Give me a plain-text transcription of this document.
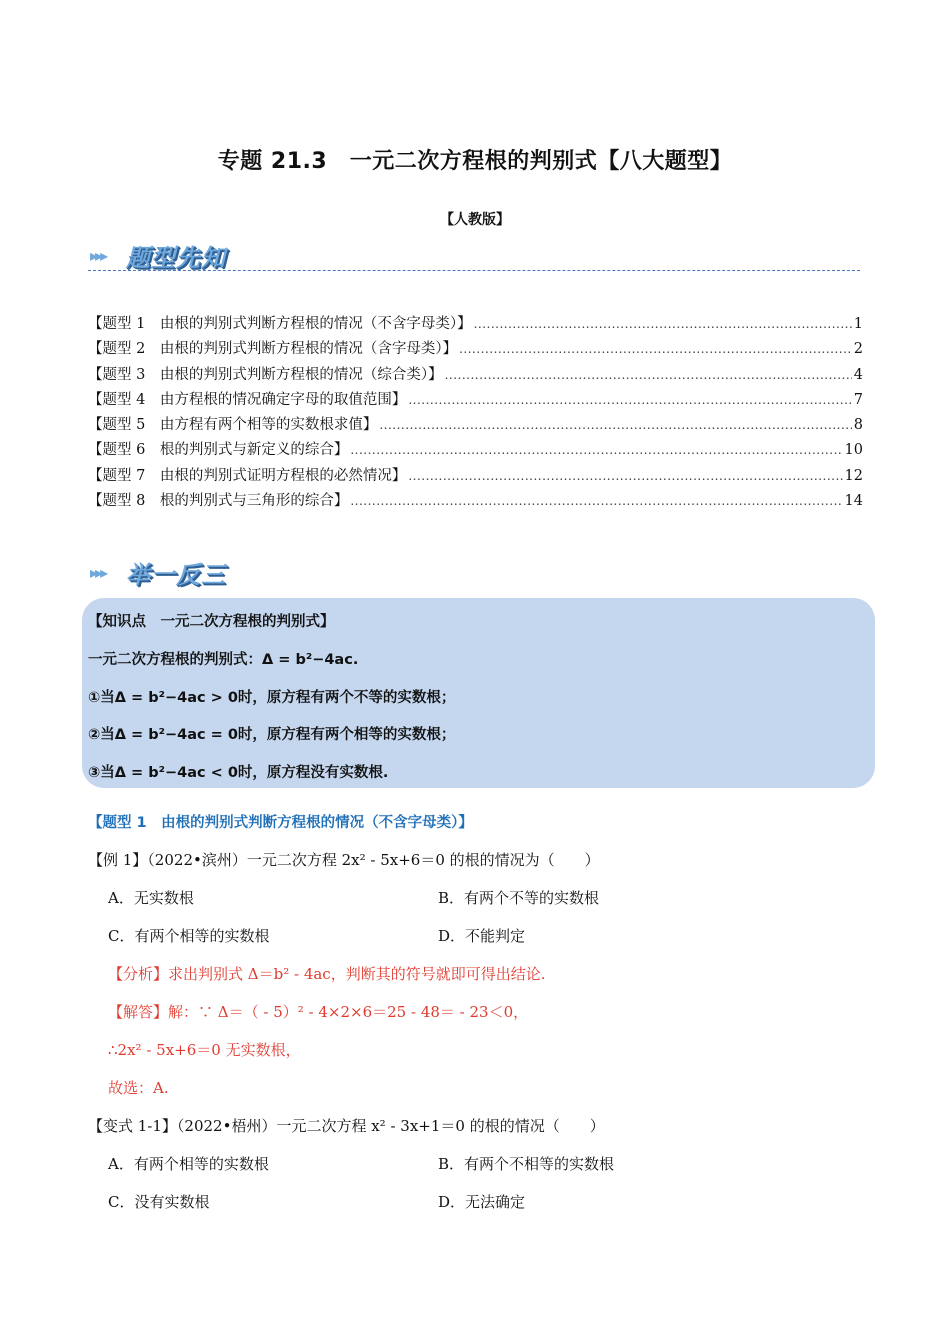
专题 21.3　一元二次方程根的判别式【八大题型】
【人教版】
▸▸▸ 题型先知
【题型 1　由根的判别式判断方程根的情况（不含字母类）】 .....	1
【题型 2　由根的判别式判断方程根的情况（含字母类）】 .....	2
【题型 3　由根的判别式判断方程根的情况（综合类）】 .....	4
【题型 4　由方程根的情况确定字母的取值范围】 .....	7
【题型 5　由方程有两个相等的实数根求值】 .....	8
【题型 6　根的判别式与新定义的综合】 .....	10
【题型 7　由根的判别式证明方程根的必然情况】 .....	12
【题型 8　根的判别式与三角形的综合】 .....	14
▸▸▸ 举一反三
【知识点　一元二次方程根的判别式】
一元二次方程根的判别式：Δ = b²−4ac.
①当Δ = b²−4ac > 0时，原方程有两个不等的实数根；
②当Δ = b²−4ac = 0时，原方程有两个相等的实数根；
③当Δ = b²−4ac < 0时，原方程没有实数根.
【题型 1　由根的判别式判断方程根的情况（不含字母类）】
【例 1】（2022•滨州）一元二次方程 2x² - 5x+6＝0 的根的情况为（　　）
A．无实数根	B．有两个不等的实数根
C．有两个相等的实数根	D．不能判定
【分析】求出判别式 Δ＝b² - 4ac，判断其的符号就即可得出结论.
【解答】解：∵ Δ＝（ - 5）² - 4×2×6＝25 - 48＝ - 23＜0，
∴2x² - 5x+6＝0 无实数根，
故选：A.
【变式 1-1】（2022•梧州）一元二次方程 x² - 3x+1＝0 的根的情况（　　）
A．有两个相等的实数根	B．有两个不相等的实数根
C．没有实数根	D．无法确定
